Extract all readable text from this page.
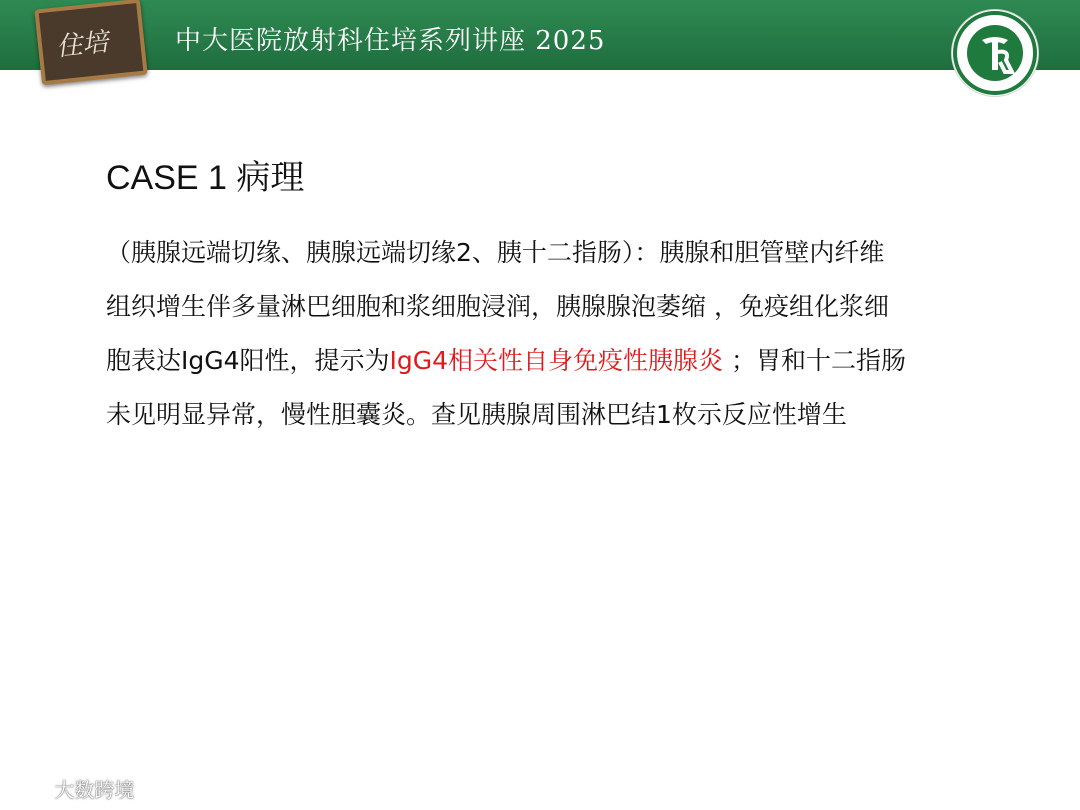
住培	中大医院放射科住培系列讲座 2025
CASE 1 病理
（胰腺远端切缘、胰腺远端切缘2、胰十二指肠）：胰腺和胆管壁内纤维组织增生伴多量淋巴细胞和浆细胞浸润，胰腺腺泡萎缩 ，免疫组化浆细胞表达IgG4阳性，提示为IgG4相关性自身免疫性胰腺炎 ；胃和十二指肠未见明显异常，慢性胆囊炎。查见胰腺周围淋巴结1枚示反应性增生
大数跨境
